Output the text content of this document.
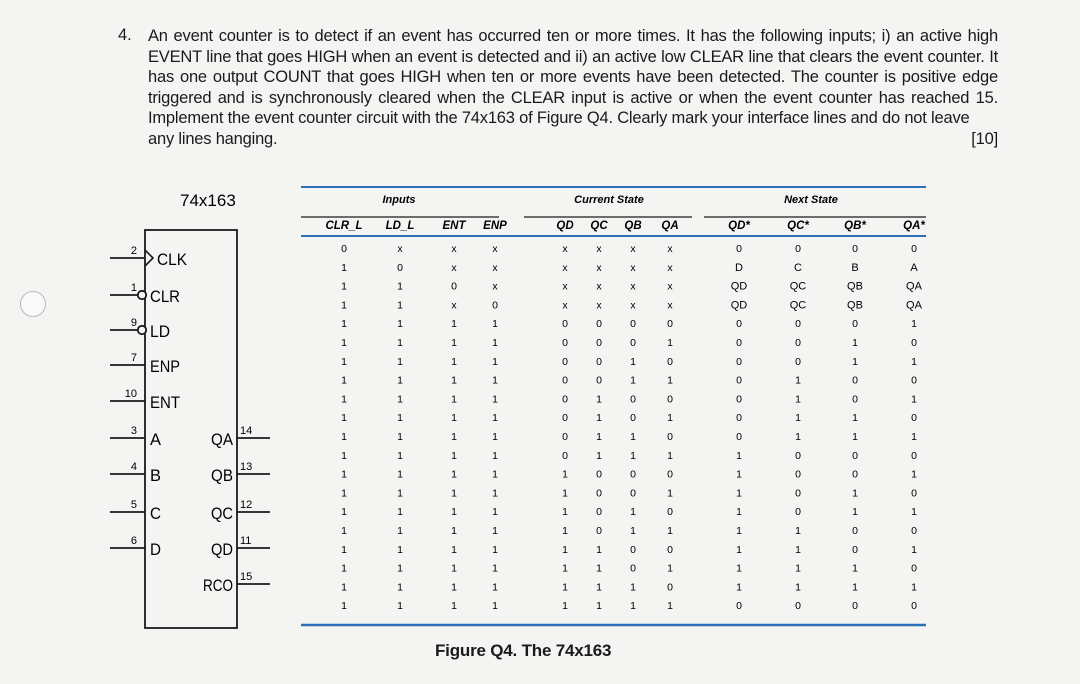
4. An event counter is to detect if an event has occurred ten or more times. It has the following inputs; i) an active high EVENT line that goes HIGH when an event is detected and ii) an active low CLEAR line that clears the event counter. It has one output COUNT that goes HIGH when ten or more events have been detected. The counter is positive edge triggered and is synchronously cleared when the CLEAR input is active or when the event counter has reached 15. Implement the event counter circuit with the 74x163 of Figure Q4. Clearly mark your interface lines and do not leave
any lines hanging.	[10]
74x163
2 CLK
1 CLR
9 LD
7 ENP
10 ENT
3 A
4 B
5 C
6 D
14
QA
13
QB
12
QC
11
QD
15
RCO
Inputs	Current State	Next State
CLR_L LD_L ENT ENP	QD QC QB QA	QD*	QC*	QB*	QA*
0	x	x	x	x	x	x	x	0	0	0	0
1	0	x	x	x	x	x	x	D	C	B	A
1	1	0	x	x	x	x	x	QD	QC	QB	QA
1	1	x	0	x	x	x	x	QD	QC	QB	QA
1	1	1	1	0	0	0	0	0	0	0	1
1	1	1	1	0	0	0	1	0	0	1	0
1	1	1	1	0	0	1	0	0	0	1	1
1	1	1	1	0	0	1	1	0	1	0	0
1	1	1	1	0	1	0	0	0	1	0	1
1	1	1	1	0	1	0	1	0	1	1	0
1	1	1	1	0	1	1	0	0	1	1	1
1	1	1	1	0	1	1	1	1	0	0	0
1	1	1	1	1	0	0	0	1	0	0	1
1	1	1	1	1	0	0	1	1	0	1	0
1	1	1	1	1	0	1	0	1	0	1	1
1	1	1	1	1	0	1	1	1	1	0	0
1	1	1	1	1	1	0	0	1	1	0	1
1	1	1	1	1	1	0	1	1	1	1	0
1	1	1	1	1	1	1	0	1	1	1	1
1	1	1	1	1	1	1	1	0	0	0	0
Figure Q4. The 74x163
